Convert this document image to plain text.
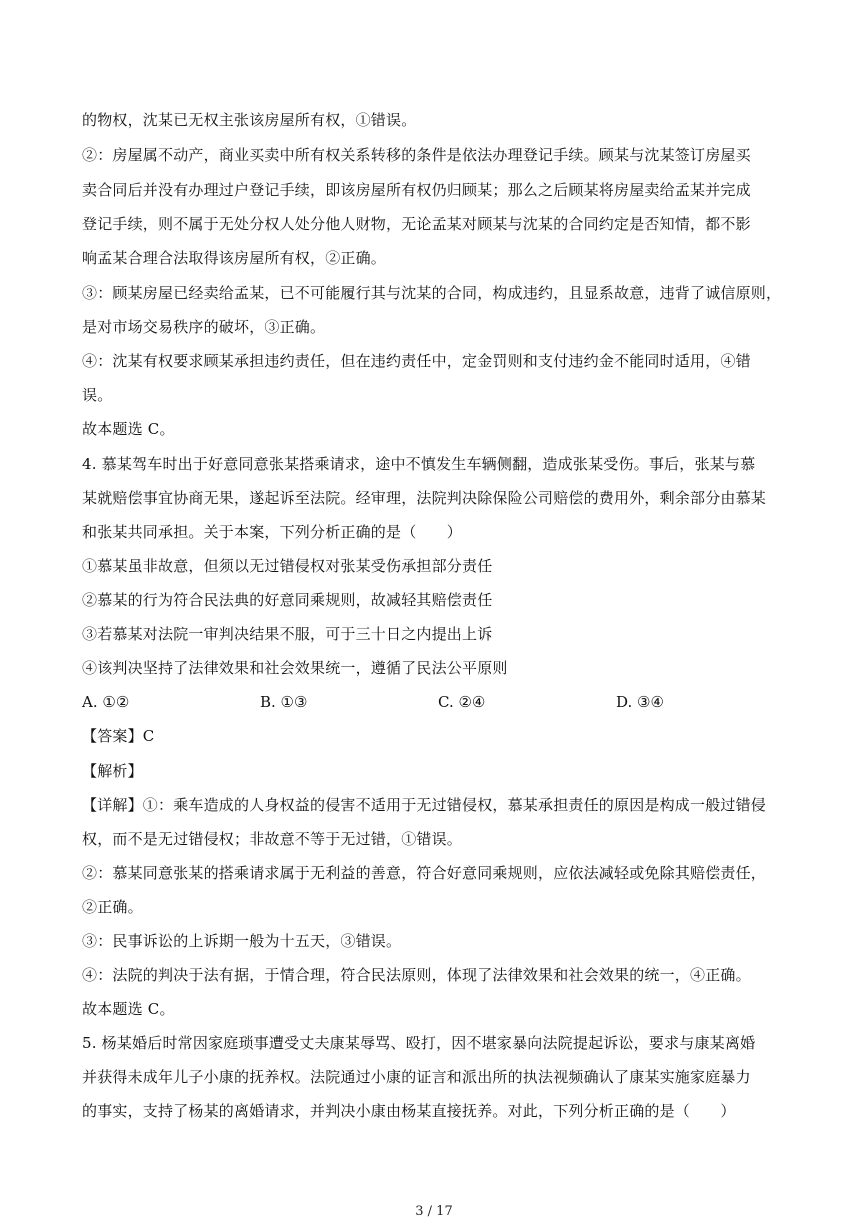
的物权，沈某已无权主张该房屋所有权，①错误。
②：房屋属不动产，商业买卖中所有权关系转移的条件是依法办理登记手续。顾某与沈某签订房屋买
卖合同后并没有办理过户登记手续，即该房屋所有权仍归顾某；那么之后顾某将房屋卖给孟某并完成
登记手续，则不属于无处分权人处分他人财物，无论孟某对顾某与沈某的合同约定是否知情，都不影
响孟某合理合法取得该房屋所有权，②正确。
③：顾某房屋已经卖给孟某，已不可能履行其与沈某的合同，构成违约，且显系故意，违背了诚信原则，
是对市场交易秩序的破坏，③正确。
④：沈某有权要求顾某承担违约责任，但在违约责任中，定金罚则和支付违约金不能同时适用，④错
误。
故本题选 C。
4. 慕某驾车时出于好意同意张某搭乘请求，途中不慎发生车辆侧翻，造成张某受伤。事后，张某与慕
某就赔偿事宜协商无果，遂起诉至法院。经审理，法院判决除保险公司赔偿的费用外，剩余部分由慕某
和张某共同承担。关于本案，下列分析正确的是（　　）
①慕某虽非故意，但须以无过错侵权对张某受伤承担部分责任
②慕某的行为符合民法典的好意同乘规则，故减轻其赔偿责任
③若慕某对法院一审判决结果不服，可于三十日之内提出上诉
④该判决坚持了法律效果和社会效果统一，遵循了民法公平原则
A. ①②	B. ①③	C. ②④	D. ③④
【答案】C
【解析】
【详解】①：乘车造成的人身权益的侵害不适用于无过错侵权，慕某承担责任的原因是构成一般过错侵
权，而不是无过错侵权；非故意不等于无过错，①错误。
②：慕某同意张某的搭乘请求属于无利益的善意，符合好意同乘规则，应依法减轻或免除其赔偿责任，
②正确。
③：民事诉讼的上诉期一般为十五天，③错误。
④：法院的判决于法有据，于情合理，符合民法原则，体现了法律效果和社会效果的统一，④正确。
故本题选 C。
5. 杨某婚后时常因家庭琐事遭受丈夫康某辱骂、殴打，因不堪家暴向法院提起诉讼，要求与康某离婚
并获得未成年儿子小康的抚养权。法院通过小康的证言和派出所的执法视频确认了康某实施家庭暴力
的事实，支持了杨某的离婚请求，并判决小康由杨某直接抚养。对此，下列分析正确的是（　　）
3 / 17
